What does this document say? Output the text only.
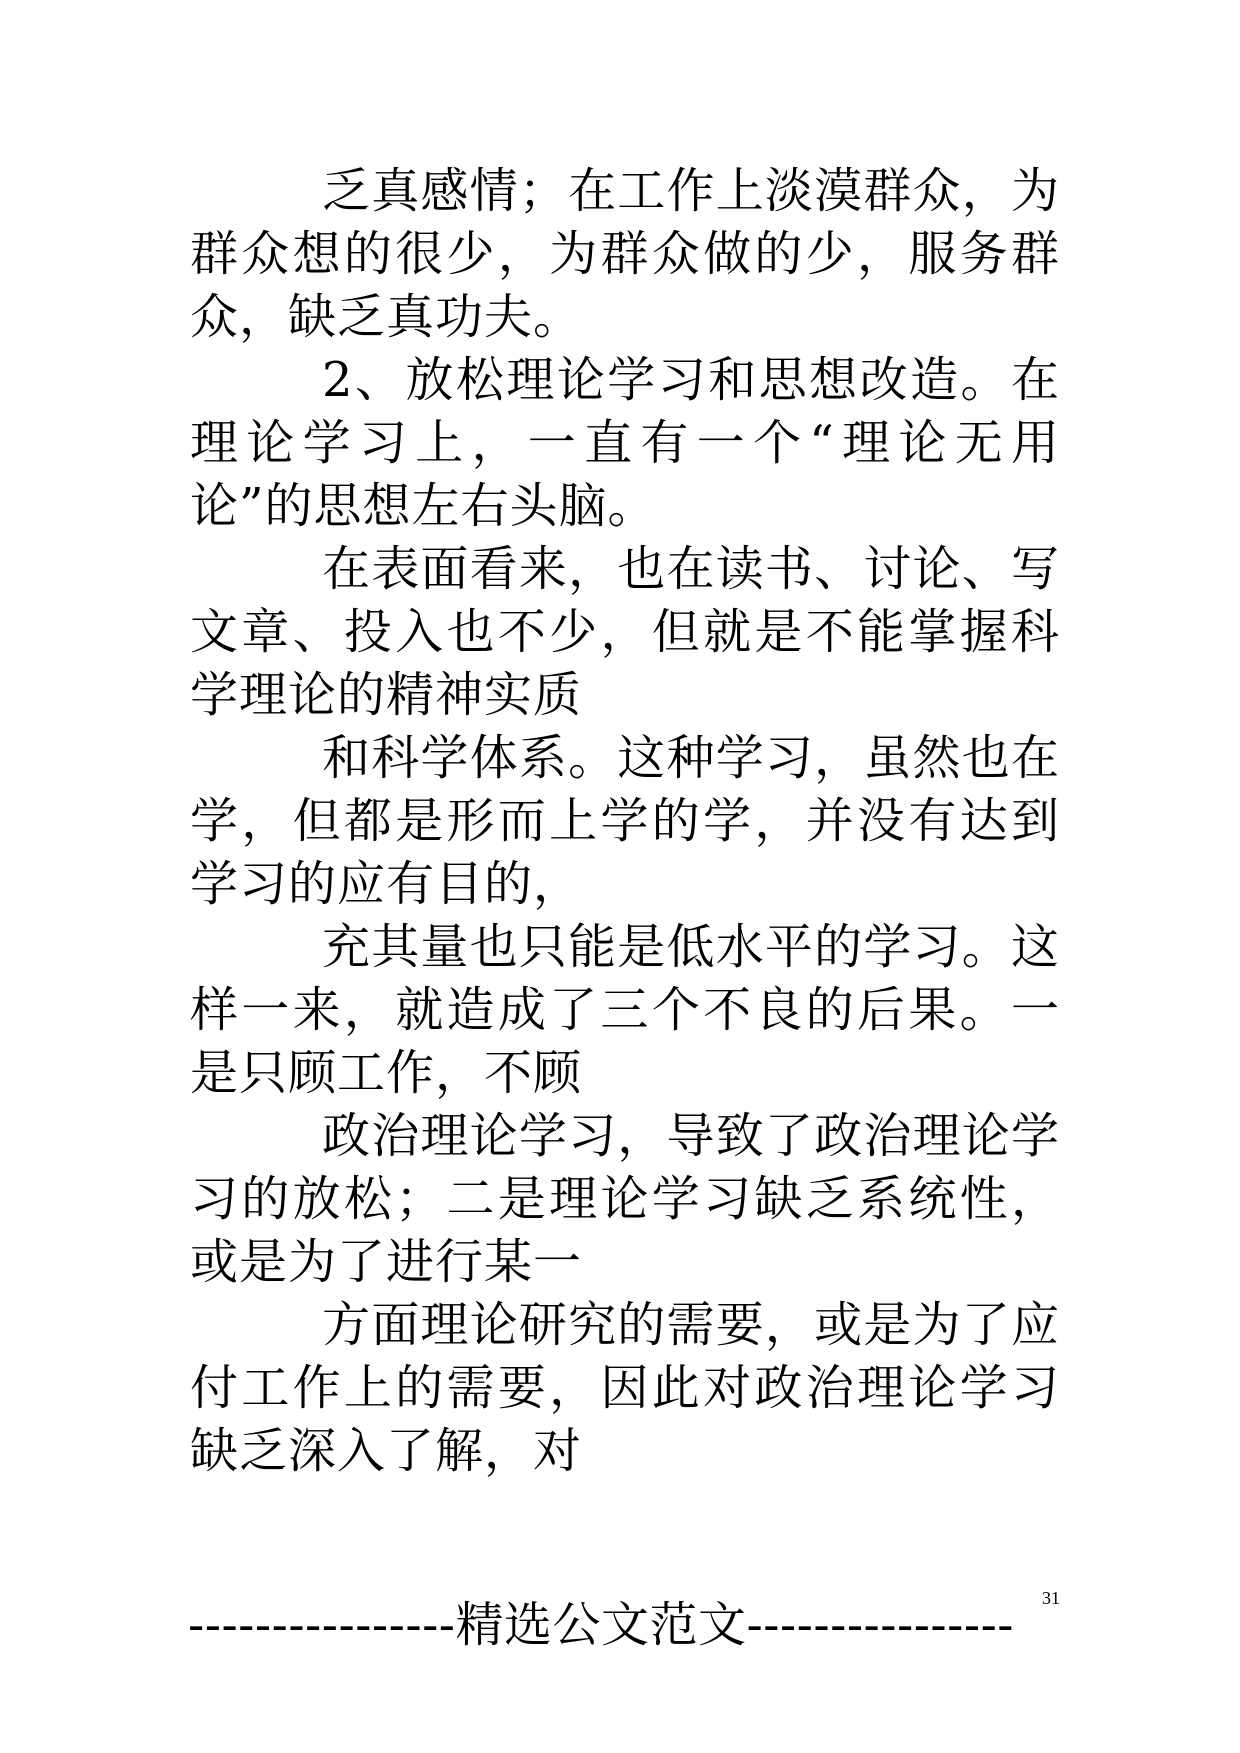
乏真感情；在工作上淡漠群众，为群众想的很少，为群众做的少，服务群众，缺乏真功夫。

2、放松理论学习和思想改造。在理论学习上，一直有一个“理论无用论”的思想左右头脑。

在表面看来，也在读书、讨论、写文章、投入也不少，但就是不能掌握科学理论的精神实质

和科学体系。这种学习，虽然也在学，但都是形而上学的学，并没有达到学习的应有目的，

充其量也只能是低水平的学习。这样一来，就造成了三个不良的后果。一是只顾工作，不顾

政治理论学习，导致了政治理论学习的放松；二是理论学习缺乏系统性，或是为了进行某一

方面理论研究的需要，或是为了应付工作上的需要，因此对政治理论学习缺乏深入了解，对

----------------精选公文范文---------------- 31
